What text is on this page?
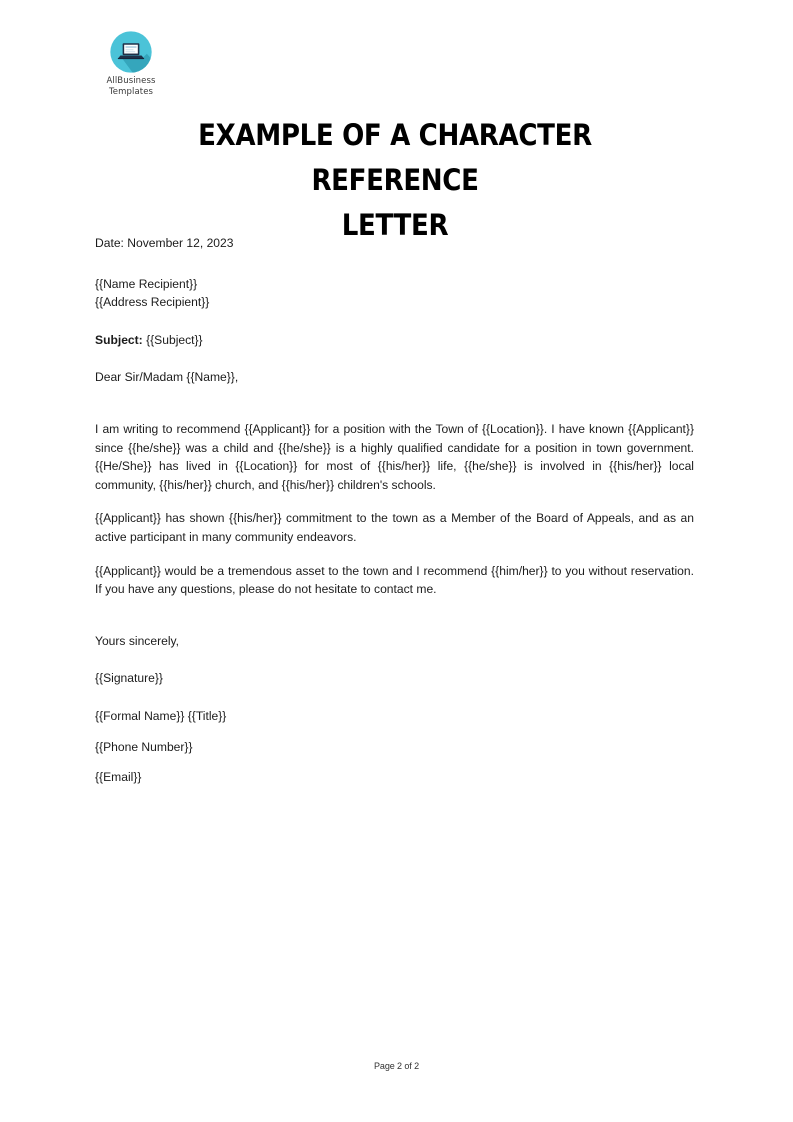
AllBusiness
Templates
EXAMPLE OF A CHARACTER REFERENCE
LETTER
Date: November 12, 2023
{{Name Recipient}}
{{Address Recipient}}
Subject: {{Subject}}
Dear Sir/Madam {{Name}},

I am writing to recommend {{Applicant}} for a position with the Town of {{Location}}. I have known {{Applicant}} since {{he/she}} was a child and {{he/she}} is a highly qualified candidate for a position in town government. {{He/She}} has lived in {{Location}} for most of {{his/her}} life, {{he/she}} is involved in {{his/her}} local community, {{his/her}} church, and {{his/her}} children's schools.

{{Applicant}} has shown {{his/her}} commitment to the town as a Member of the Board of Appeals, and as an active participant in many community endeavors.

{{Applicant}} would be a tremendous asset to the town and I recommend {{him/her}} to you without reservation. If you have any questions, please do not hesitate to contact me.

Yours sincerely,
{{Signature}}
{{Formal Name}} {{Title}}
{{Phone Number}}
{{Email}}
Page 2 of 2
